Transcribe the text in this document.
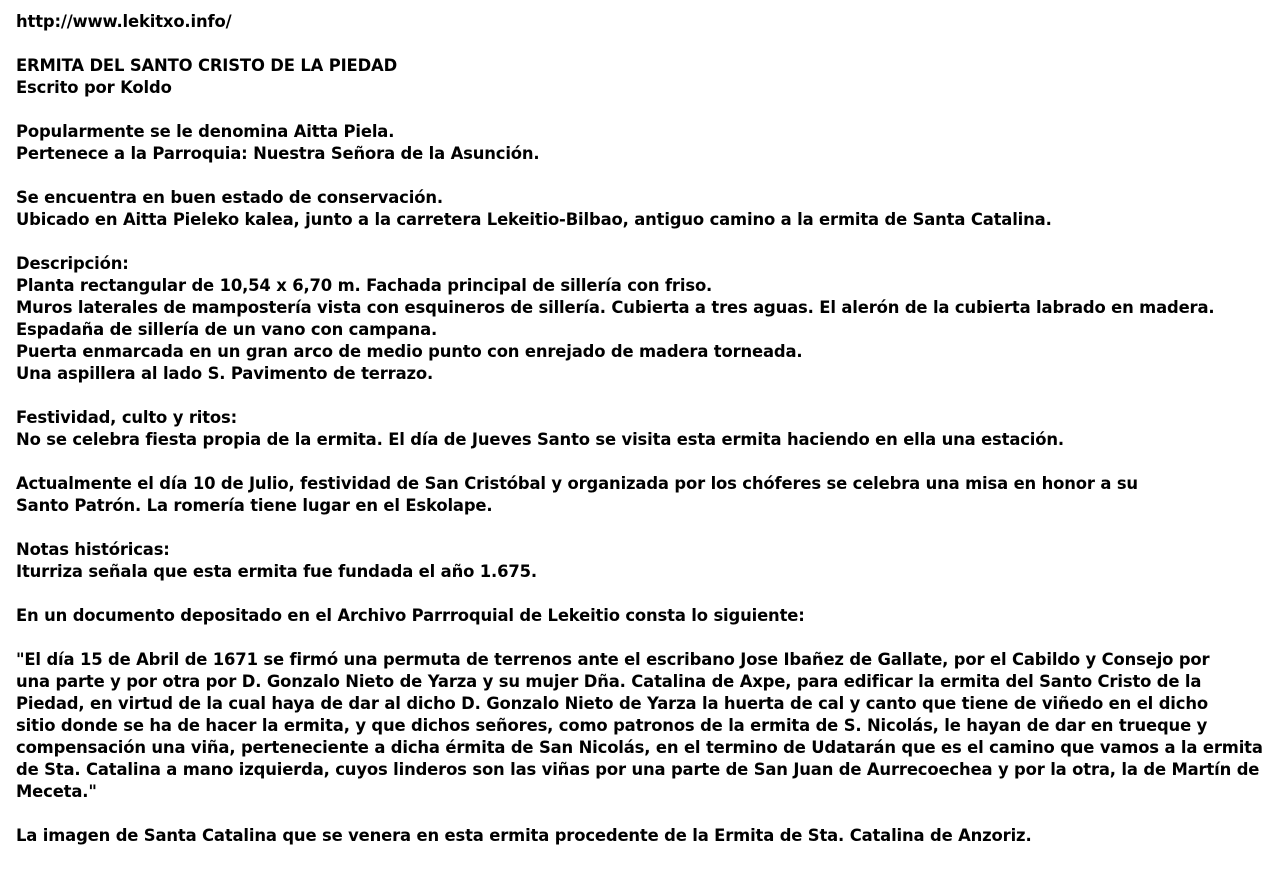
http://www.lekitxo.info/
ERMITA DEL SANTO CRISTO DE LA PIEDAD
Escrito por Koldo
Popularmente se le denomina Aitta Piela.
Pertenece a la Parroquia: Nuestra Señora de la Asunción.
Se encuentra en buen estado de conservación.
Ubicado en Aitta Pieleko kalea, junto a la carretera Lekeitio-Bilbao, antiguo camino a la ermita de Santa Catalina.
Descripción:
Planta rectangular de 10,54 x 6,70 m. Fachada principal de sillería con friso.
Muros laterales de mampostería vista con esquineros de sillería. Cubierta a tres aguas. El alerón de la cubierta labrado en madera.
Espadaña de sillería de un vano con campana.
Puerta enmarcada en un gran arco de medio punto con enrejado de madera torneada.
Una aspillera al lado S. Pavimento de terrazo.
Festividad, culto y ritos:
No se celebra fiesta propia de la ermita. El día de Jueves Santo se visita esta ermita haciendo en ella una estación.
Actualmente el día 10 de Julio, festividad de San Cristóbal y organizada por los chóferes se celebra una misa en honor a su
Santo Patrón. La romería tiene lugar en el Eskolape.
Notas históricas:
Iturriza señala que esta ermita fue fundada el año 1.675.
En un documento depositado en el Archivo Parrroquial de Lekeitio consta lo siguiente:
"El día 15 de Abril de 1671 se firmó una permuta de terrenos ante el escribano Jose Ibañez de Gallate, por el Cabildo y Consejo por
una parte y por otra por D. Gonzalo Nieto de Yarza y su mujer Dña. Catalina de Axpe, para edificar la ermita del Santo Cristo de la
Piedad, en virtud de la cual haya de dar al dicho D. Gonzalo Nieto de Yarza la huerta de cal y canto que tiene de viñedo en el dicho
sitio donde se ha de hacer la ermita, y que dichos señores, como patronos de la ermita de S. Nicolás, le hayan de dar en trueque y
compensación una viña, perteneciente a dicha érmita de San Nicolás, en el termino de Udatarán que es el camino que vamos a la ermita
de Sta. Catalina a mano izquierda, cuyos linderos son las viñas por una parte de San Juan de Aurrecoechea y por la otra, la de Martín de
Meceta."
La imagen de Santa Catalina que se venera en esta ermita procedente de la Ermita de Sta. Catalina de Anzoriz.
